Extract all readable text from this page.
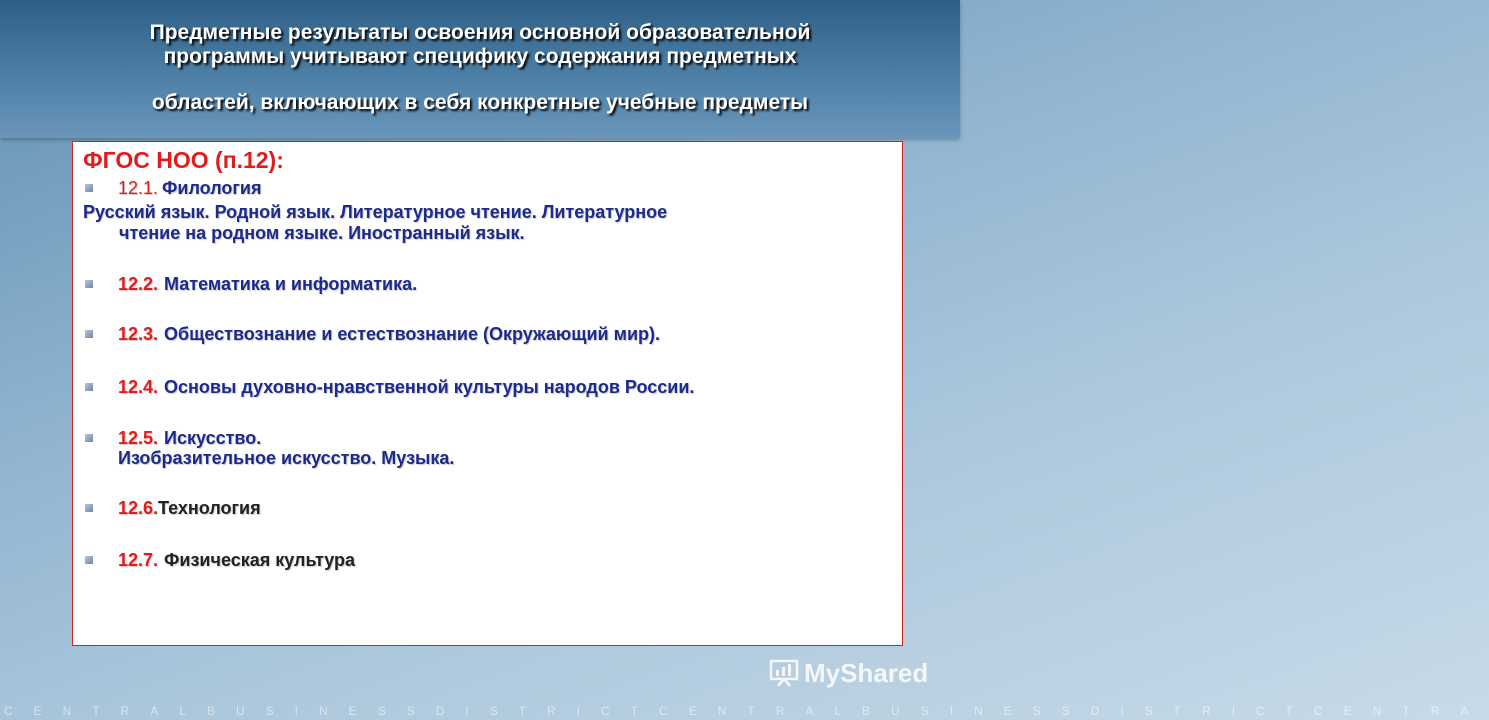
Предметные результаты освоения основной образовательной

программы учитывают специфику содержания предметных

областей, включающих в себя конкретные учебные предметы

ФГОС НОО (п.12):
12.1. Филология
Русский язык. Родной язык. Литературное чтение. Литературное
чтение на родном языке. Иностранный язык.
12.2. Математика и информатика.
12.3. Обществознание и естествознание (Окружающий мир).
12.4. Основы духовно-нравственной культуры народов России.
12.5. Искусство.
Изобразительное искусство. Музыка.
12.6. Технология
12.7. Физическая культура
MyShared
CENTRALBUSINESSDISTRICTCENTRALBUSINESSDISTRICTCENTRA
